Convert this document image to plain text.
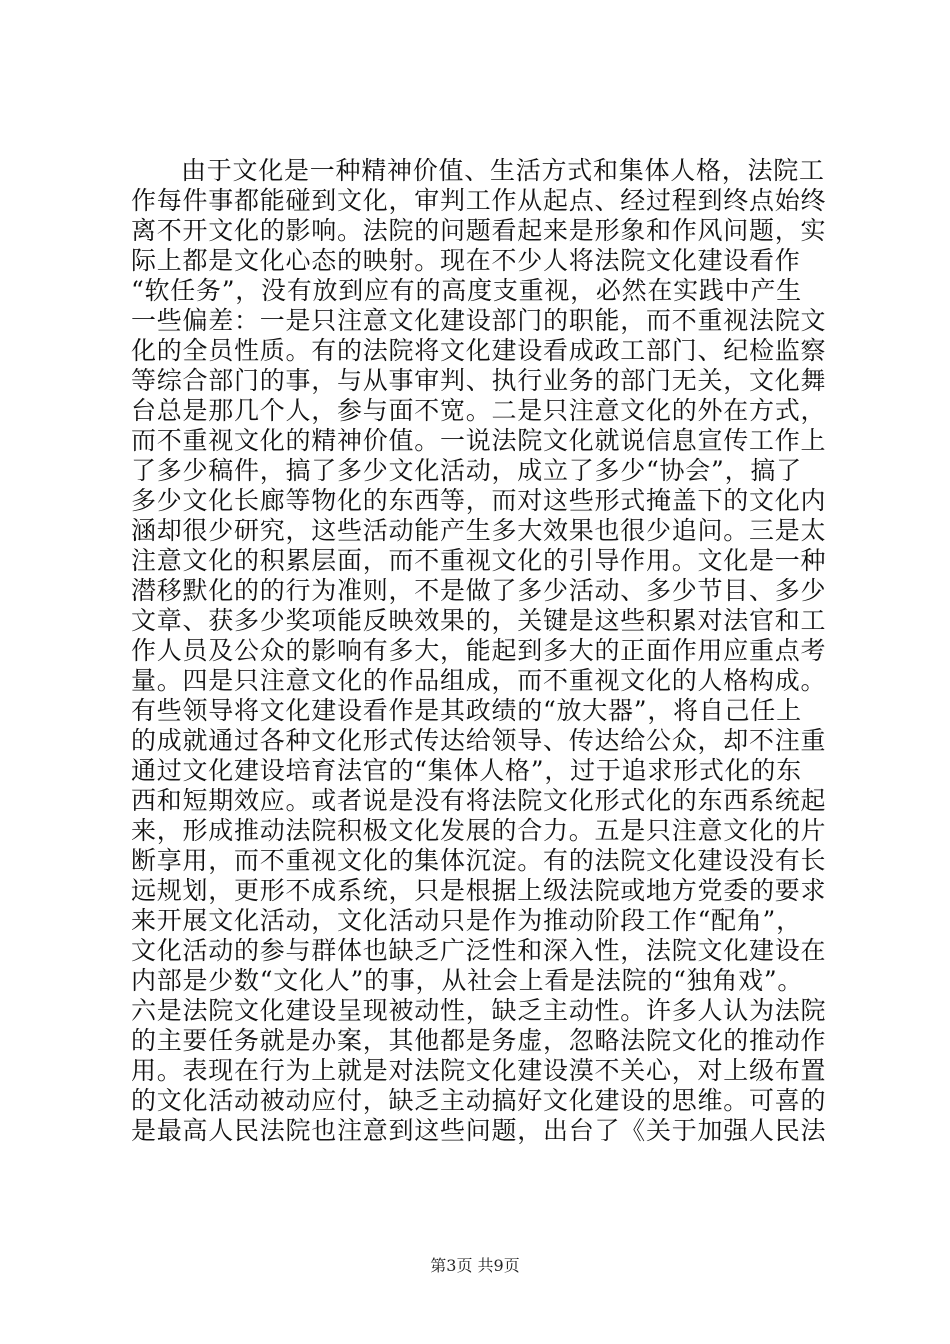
由于文化是一种精神价值、生活方式和集体人格，法院工
作每件事都能碰到文化，审判工作从起点、经过程到终点始终
离不开文化的影响。法院的问题看起来是形象和作风问题，实
际上都是文化心态的映射。现在不少人将法院文化建设看作
“软任务”，没有放到应有的高度支重视，必然在实践中产生
一些偏差：一是只注意文化建设部门的职能，而不重视法院文
化的全员性质。有的法院将文化建设看成政工部门、纪检监察
等综合部门的事，与从事审判、执行业务的部门无关，文化舞
台总是那几个人，参与面不宽。二是只注意文化的外在方式，
而不重视文化的精神价值。一说法院文化就说信息宣传工作上
了多少稿件，搞了多少文化活动，成立了多少“协会”，搞了
多少文化长廊等物化的东西等，而对这些形式掩盖下的文化内
涵却很少研究，这些活动能产生多大效果也很少追问。三是太
注意文化的积累层面，而不重视文化的引导作用。文化是一种
潜移默化的的行为准则，不是做了多少活动、多少节目、多少
文章、获多少奖项能反映效果的，关键是这些积累对法官和工
作人员及公众的影响有多大，能起到多大的正面作用应重点考
量。四是只注意文化的作品组成，而不重视文化的人格构成。
有些领导将文化建设看作是其政绩的“放大器”，将自己任上
的成就通过各种文化形式传达给领导、传达给公众，却不注重
通过文化建设培育法官的“集体人格”，过于追求形式化的东
西和短期效应。或者说是没有将法院文化形式化的东西系统起
来，形成推动法院积极文化发展的合力。五是只注意文化的片
断享用，而不重视文化的集体沉淀。有的法院文化建设没有长
远规划，更形不成系统，只是根据上级法院或地方党委的要求
来开展文化活动，文化活动只是作为推动阶段工作“配角”，
文化活动的参与群体也缺乏广泛性和深入性，法院文化建设在
内部是少数“文化人”的事，从社会上看是法院的“独角戏”。
六是法院文化建设呈现被动性，缺乏主动性。许多人认为法院
的主要任务就是办案，其他都是务虚，忽略法院文化的推动作
用。表现在行为上就是对法院文化建设漠不关心，对上级布置
的文化活动被动应付，缺乏主动搞好文化建设的思维。可喜的
是最高人民法院也注意到这些问题，出台了《关于加强人民法
第3页 共9页
